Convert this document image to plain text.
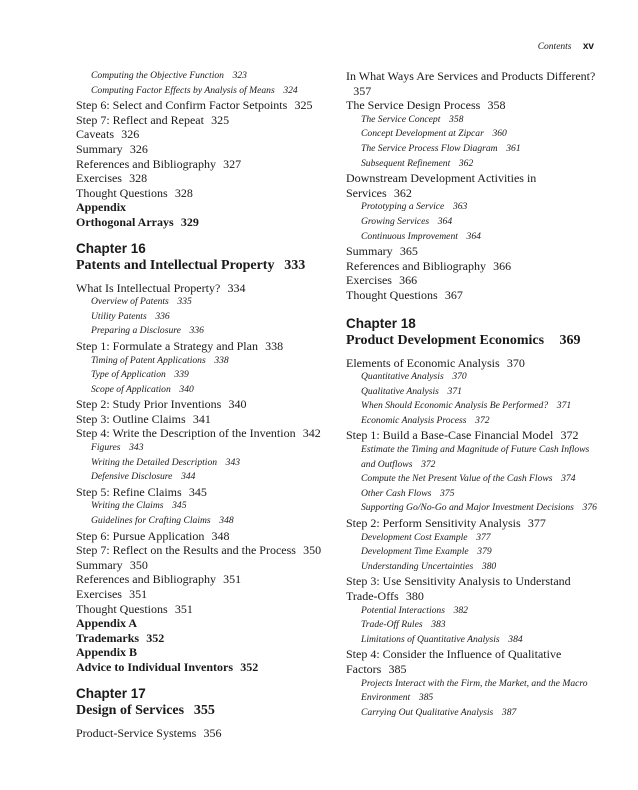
Contents xv
Computing the Objective Function 323
Computing Factor Effects by Analysis of Means 324
Step 6: Select and Confirm Factor Setpoints 325
Step 7: Reflect and Repeat 325
Caveats 326
Summary 326
References and Bibliography 327
Exercises 328
Thought Questions 328
Appendix
Orthogonal Arrays 329
Chapter 16
Patents and Intellectual Property 333
What Is Intellectual Property? 334
Overview of Patents 335
Utility Patents 336
Preparing a Disclosure 336
Step 1: Formulate a Strategy and Plan 338
Timing of Patent Applications 338
Type of Application 339
Scope of Application 340
Step 2: Study Prior Inventions 340
Step 3: Outline Claims 341
Step 4: Write the Description of the Invention 342
Figures 343
Writing the Detailed Description 343
Defensive Disclosure 344
Step 5: Refine Claims 345
Writing the Claims 345
Guidelines for Crafting Claims 348
Step 6: Pursue Application 348
Step 7: Reflect on the Results and the Process 350
Summary 350
References and Bibliography 351
Exercises 351
Thought Questions 351
Appendix A
Trademarks 352
Appendix B
Advice to Individual Inventors 352
Chapter 17
Design of Services 355
Product-Service Systems 356
In What Ways Are Services and Products Different?357
The Service Design Process 358
The Service Concept 358
Concept Development at Zipcar 360
The Service Process Flow Diagram 361
Subsequent Refinement 362
Downstream Development Activities in Services 362
Prototyping a Service 363
Growing Services 364
Continuous Improvement 364
Summary 365
References and Bibliography 366
Exercises 366
Thought Questions 367
Chapter 18
Product Development Economics 369
Elements of Economic Analysis 370
Quantitative Analysis 370
Qualitative Analysis 371
When Should Economic Analysis Be Performed? 371
Economic Analysis Process 372
Step 1: Build a Base-Case Financial Model 372
Estimate the Timing and Magnitude of Future Cash Inflows and Outflows 372
Compute the Net Present Value of the Cash Flows 374
Other Cash Flows 375
Supporting Go/No-Go and Major Investment Decisions 376
Step 2: Perform Sensitivity Analysis 377
Development Cost Example 377
Development Time Example 379
Understanding Uncertainties 380
Step 3: Use Sensitivity Analysis to Understand Trade-Offs 380
Potential Interactions 382
Trade-Off Rules 383
Limitations of Quantitative Analysis 384
Step 4: Consider the Influence of Qualitative Factors 385
Projects Interact with the Firm, the Market, and the Macro Environment 385
Carrying Out Qualitative Analysis 387
